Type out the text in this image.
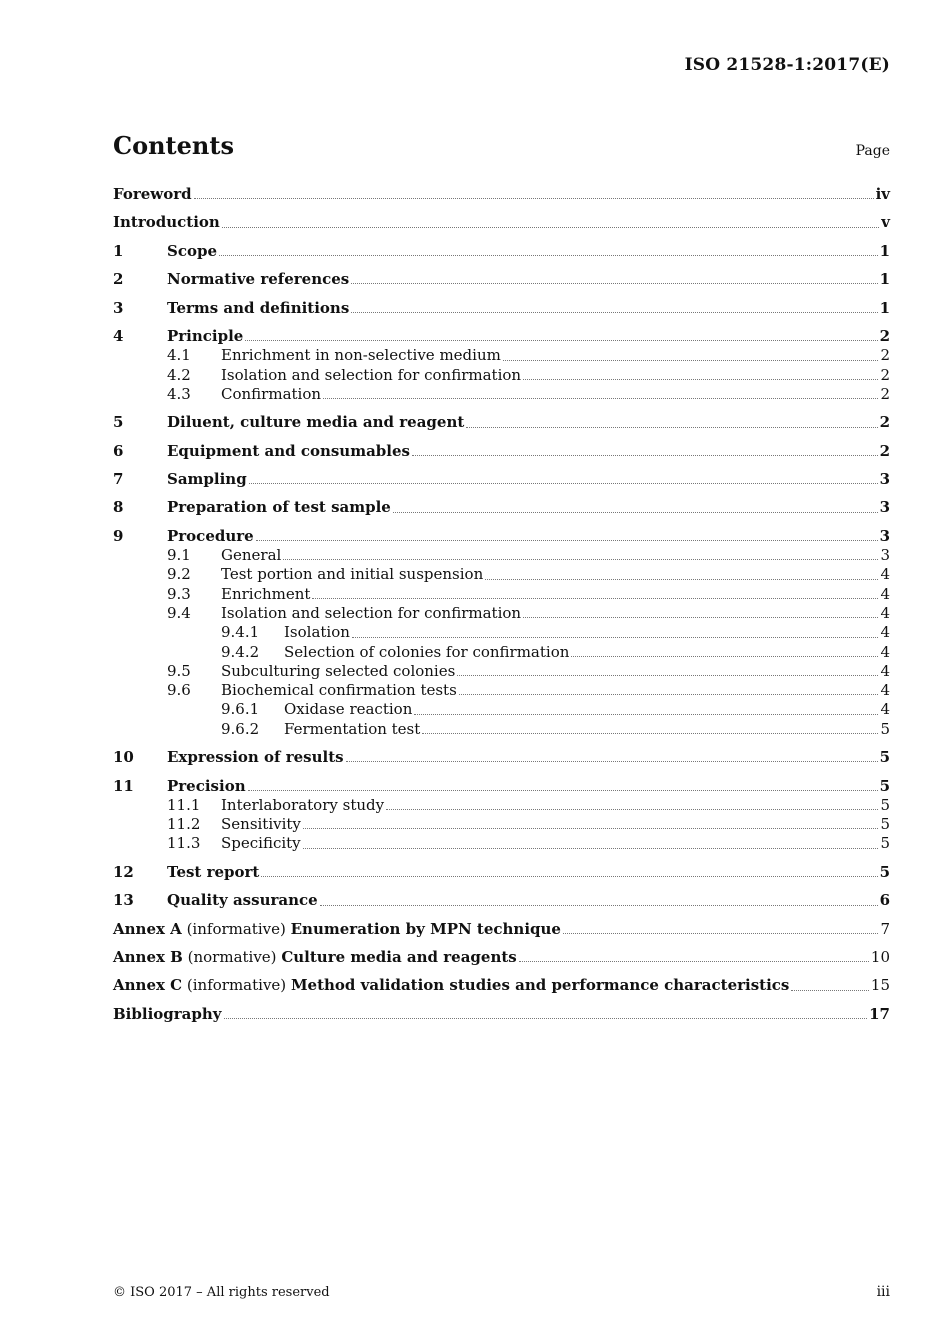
ISO 21528-1:2017(E)
Contents	Page
Foreword	iv
Introduction	v
1	Scope	1
2	Normative references	1
3	Terms and definitions	1
4	Principle	2
4.1	Enrichment in non-selective medium	2
4.2	Isolation and selection for confirmation	2
4.3	Confirmation	2
5	Diluent, culture media and reagent	2
6	Equipment and consumables	2
7	Sampling	3
8	Preparation of test sample	3
9	Procedure	3
9.1	General	3
9.2	Test portion and initial suspension	4
9.3	Enrichment	4
9.4	Isolation and selection for confirmation	4
9.4.1	Isolation	4
9.4.2	Selection of colonies for confirmation	4
9.5	Subculturing selected colonies	4
9.6	Biochemical confirmation tests	4
9.6.1	Oxidase reaction	4
9.6.2	Fermentation test	5
10	Expression of results	5
11	Precision	5
11.1	Interlaboratory study	5
11.2	Sensitivity	5
11.3	Specificity	5
12	Test report	5
13	Quality assurance	6
Annex A (informative) Enumeration by MPN technique	7
Annex B (normative) Culture media and reagents	10
Annex C (informative) Method validation studies and performance characteristics	15
Bibliography	17
© ISO 2017 – All rights reserved	iii
